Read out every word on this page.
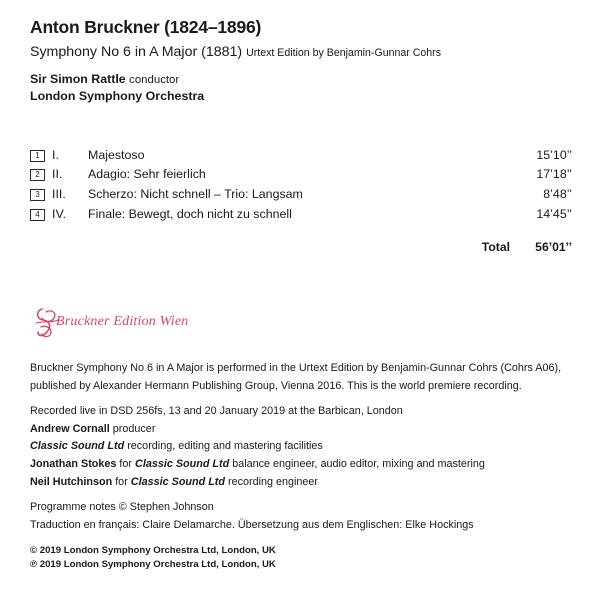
Anton Bruckner (1824–1896)
Symphony No 6 in A Major (1881) Urtext Edition by Benjamin-Gunnar Cohrs
Sir Simon Rattle conductor
London Symphony Orchestra
1	I.	Majestoso	15’10’’
2	II.	Adagio: Sehr feierlich	17’18’’
3	III.	Scherzo: Nicht schnell – Trio: Langsam	8’48’’
4	IV.	Finale: Bewegt, doch nicht zu schnell	14’45’’
		Total	56’01’’
Bruckner Edition Wien

Bruckner Symphony No 6 in A Major is performed in the Urtext Edition by Benjamin-Gunnar Cohrs (Cohrs A06),

published by Alexander Hermann Publishing Group, Vienna 2016. This is the world premiere recording.

Recorded live in DSD 256fs, 13 and 20 January 2019 at the Barbican, London

Andrew Cornall producer

Classic Sound Ltd recording, editing and mastering facilities

Jonathan Stokes for Classic Sound Ltd balance engineer, audio editor, mixing and mastering

Neil Hutchinson for Classic Sound Ltd recording engineer

Programme notes © Stephen Johnson

Traduction en français: Claire Delamarche. Übersetzung aus dem Englischen: Elke Hockings

© 2019 London Symphony Orchestra Ltd, London, UK

℗ 2019 London Symphony Orchestra Ltd, London, UK
